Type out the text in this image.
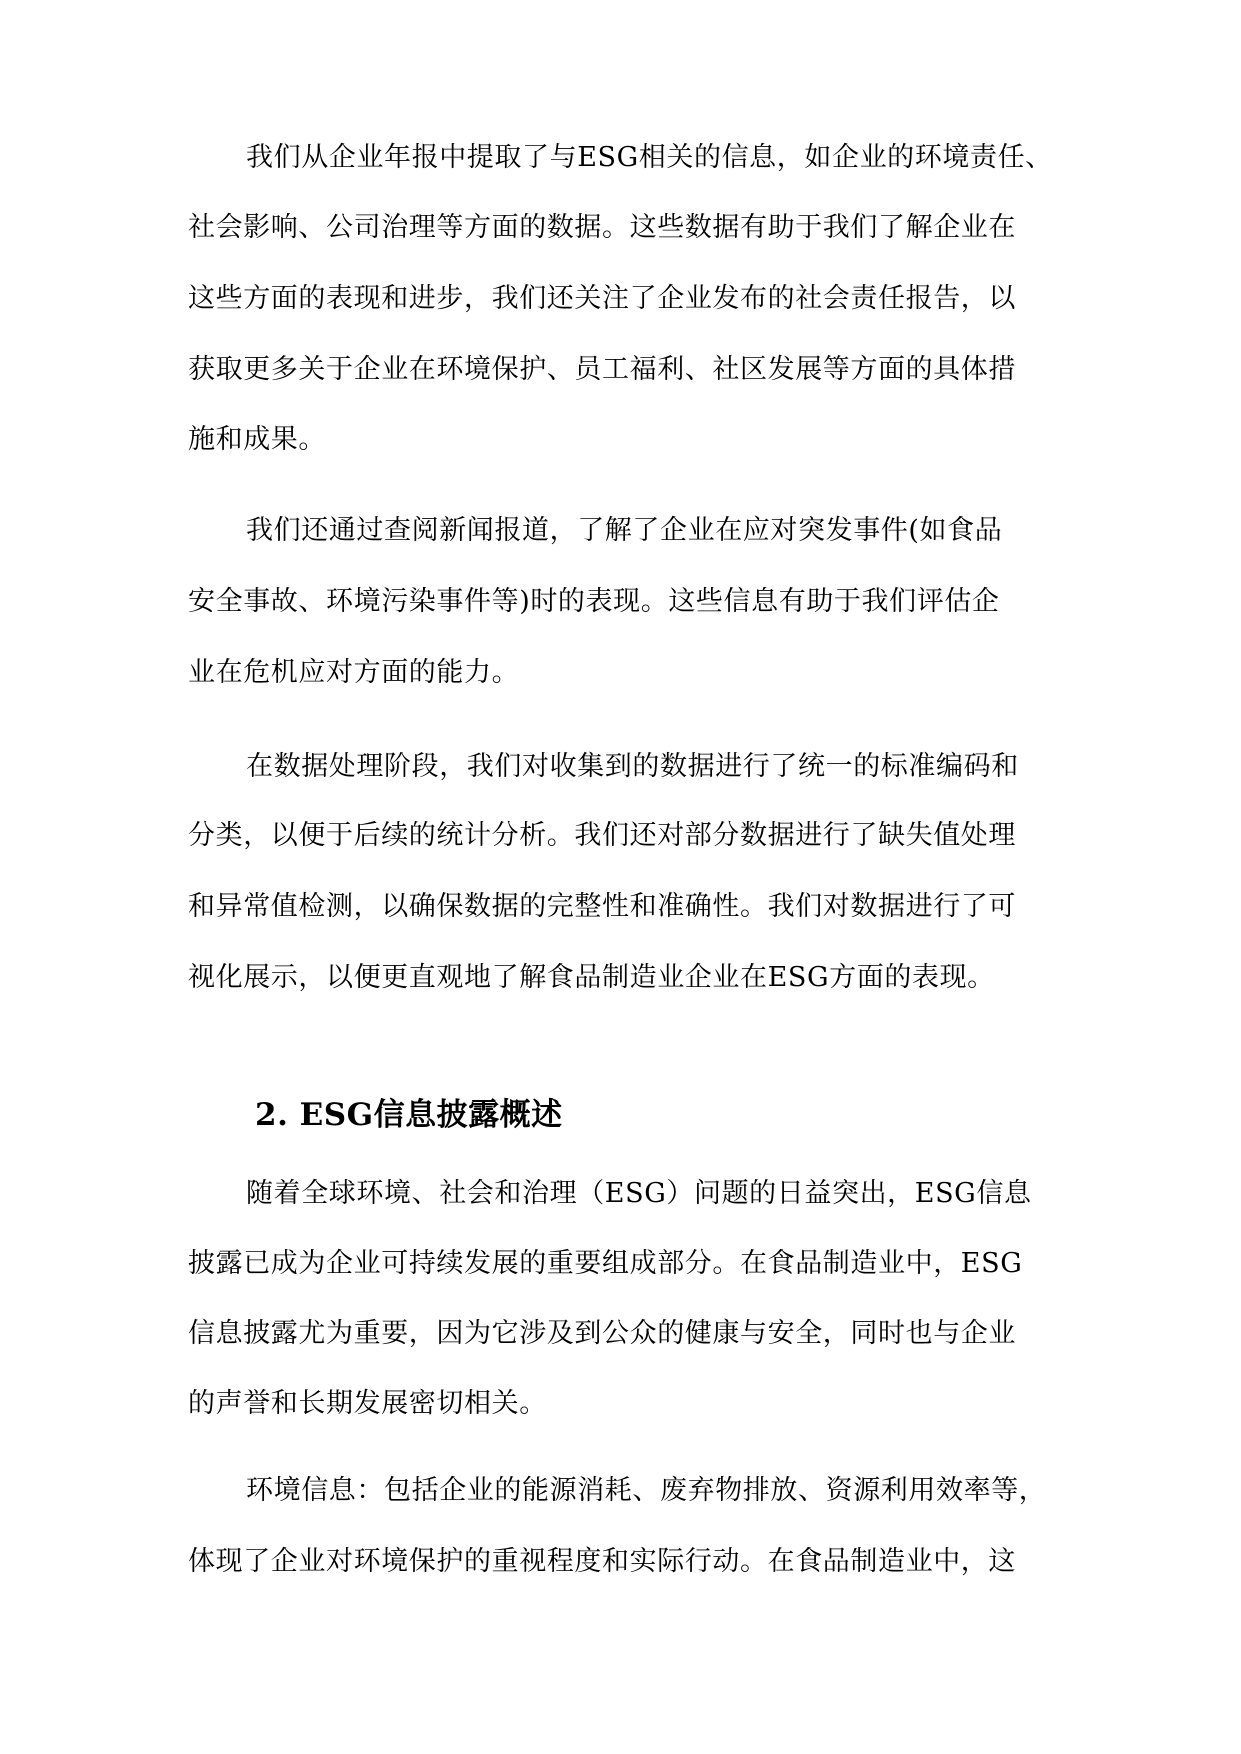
我们从企业年报中提取了与ESG相关的信息，如企业的环境责任、
社会影响、公司治理等方面的数据。这些数据有助于我们了解企业在
这些方面的表现和进步，我们还关注了企业发布的社会责任报告，以
获取更多关于企业在环境保护、员工福利、社区发展等方面的具体措
施和成果。
我们还通过查阅新闻报道，了解了企业在应对突发事件(如食品
安全事故、环境污染事件等)时的表现。这些信息有助于我们评估企
业在危机应对方面的能力。
在数据处理阶段，我们对收集到的数据进行了统一的标准编码和
分类，以便于后续的统计分析。我们还对部分数据进行了缺失值处理
和异常值检测，以确保数据的完整性和准确性。我们对数据进行了可
视化展示，以便更直观地了解食品制造业企业在ESG方面的表现。
2. ESG信息披露概述
随着全球环境、社会和治理（ESG）问题的日益突出，ESG信息
披露已成为企业可持续发展的重要组成部分。在食品制造业中，ESG
信息披露尤为重要，因为它涉及到公众的健康与安全，同时也与企业
的声誉和长期发展密切相关。
环境信息：包括企业的能源消耗、废弃物排放、资源利用效率等，
体现了企业对环境保护的重视程度和实际行动。在食品制造业中，这
